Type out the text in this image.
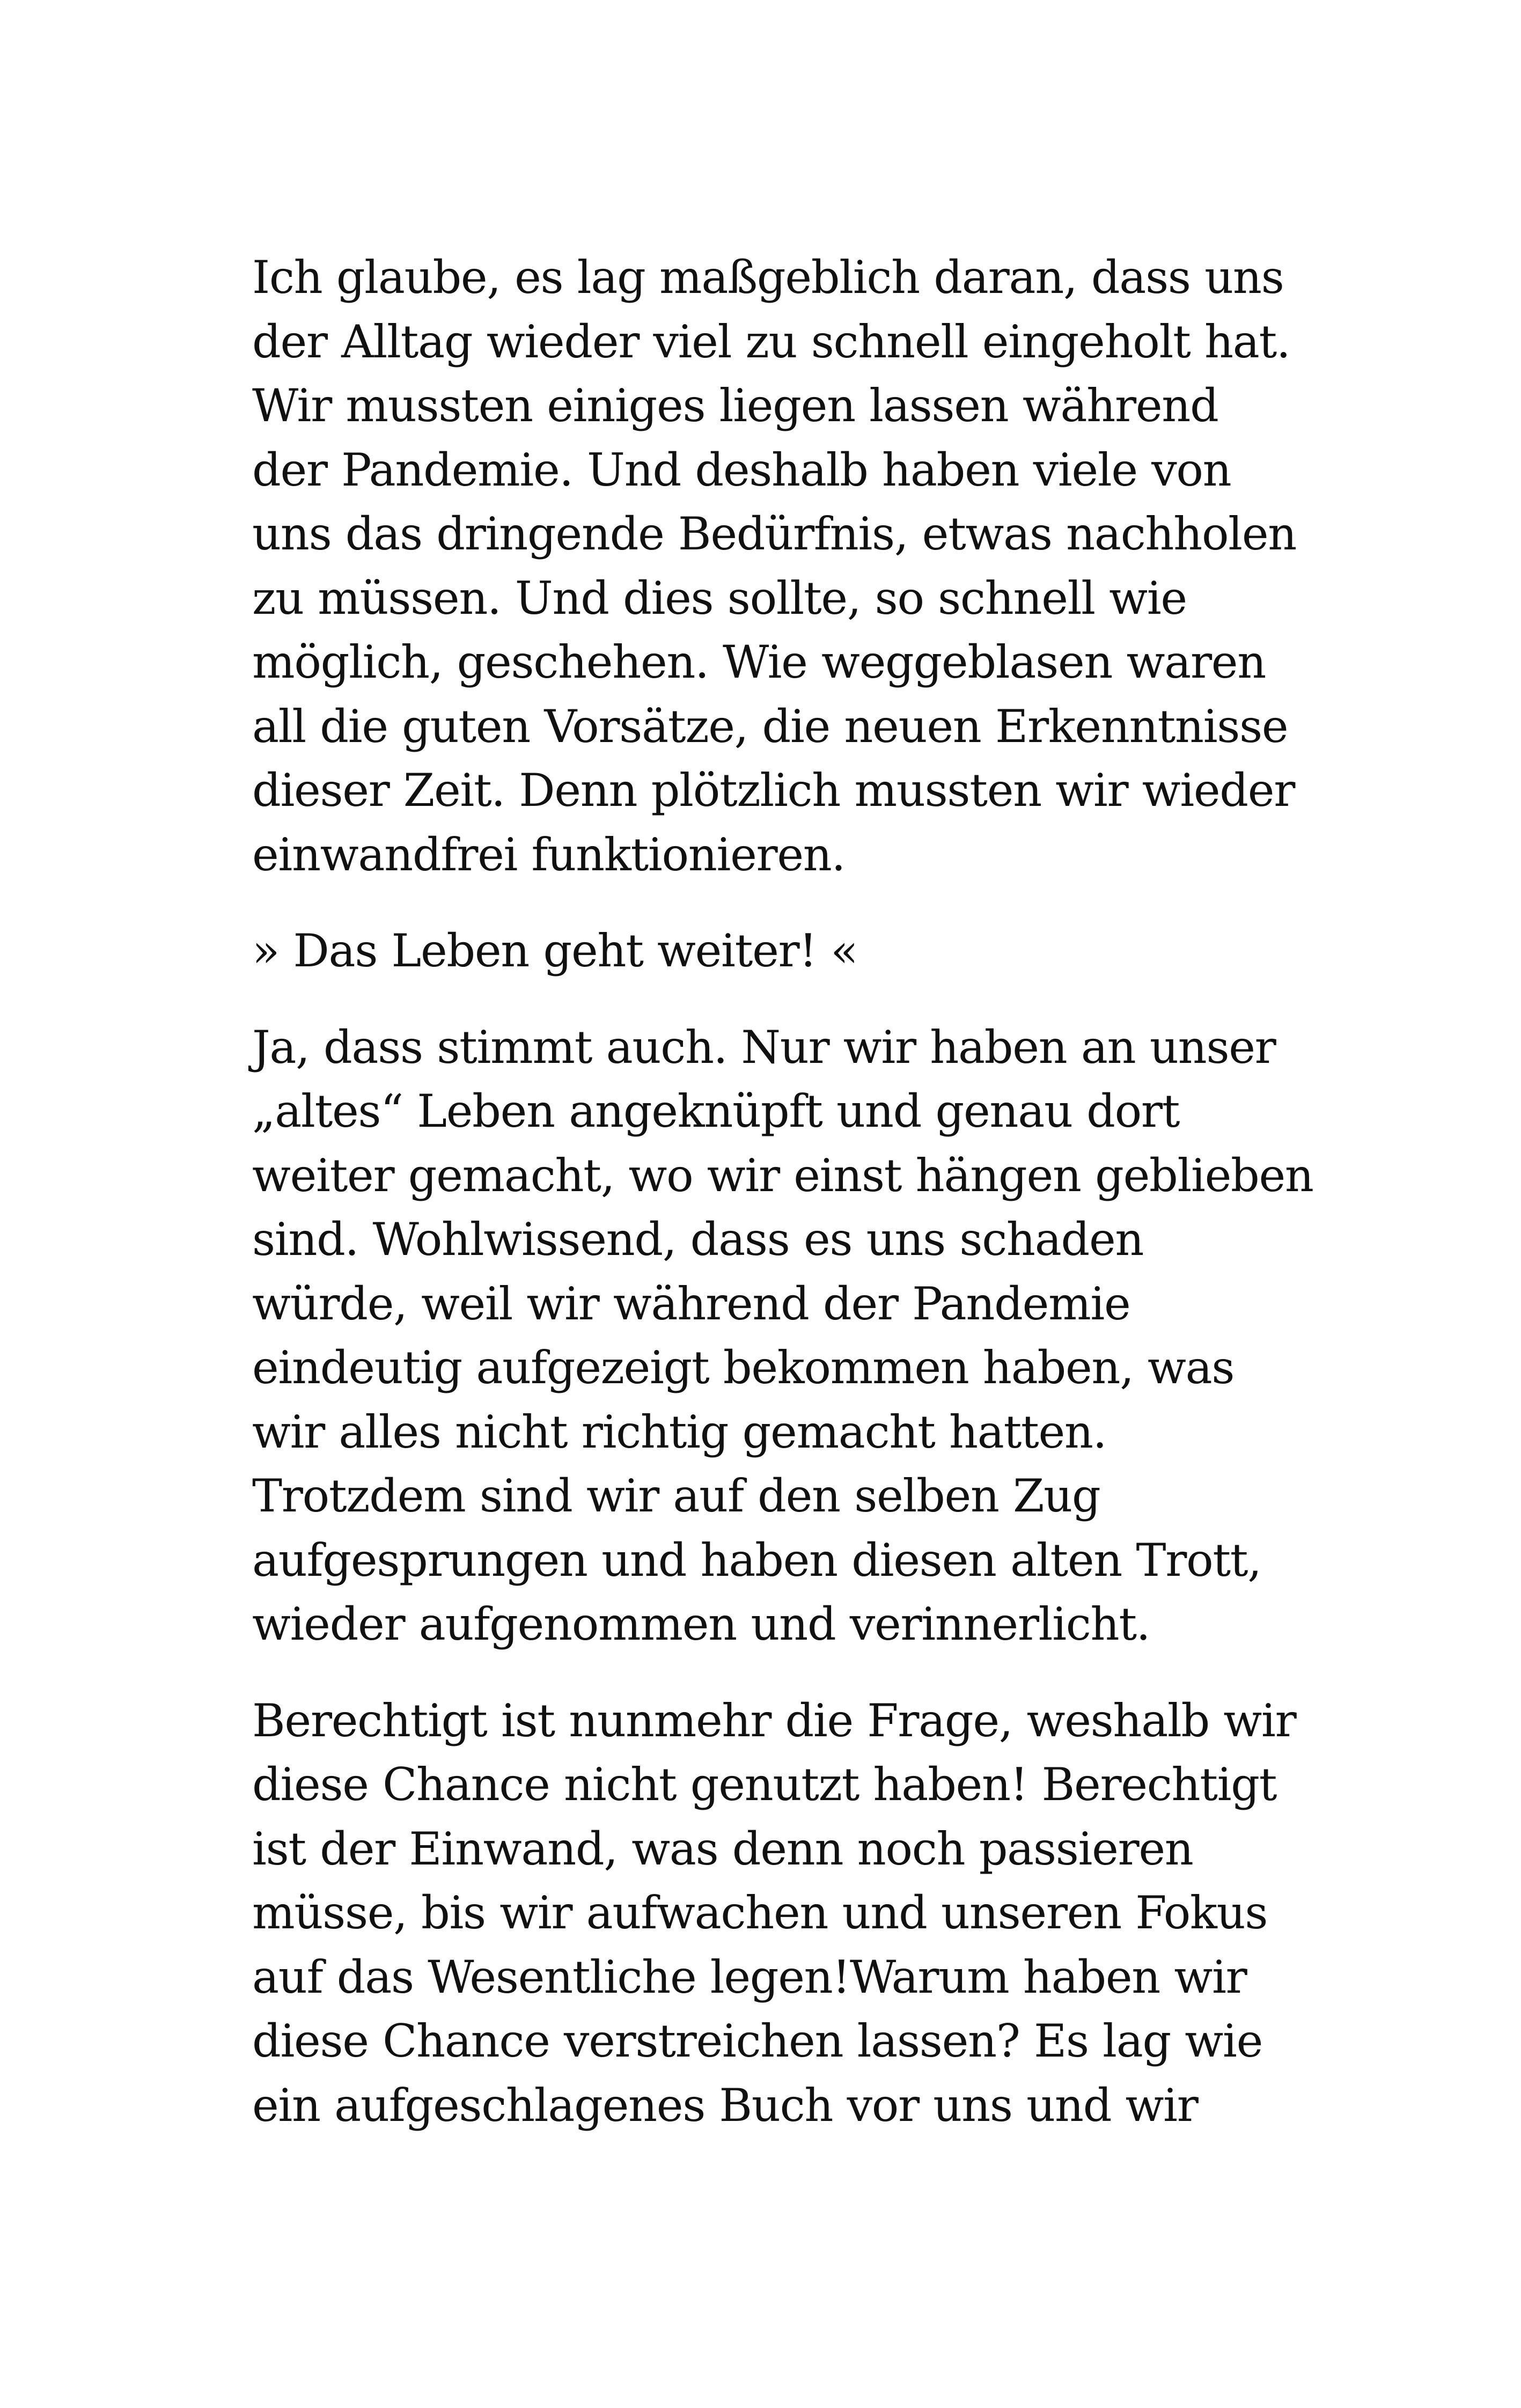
Ich glaube, es lag maßgeblich daran, dass uns
der Alltag wieder viel zu schnell eingeholt hat.
Wir mussten einiges liegen lassen während
der Pandemie. Und deshalb haben viele von
uns das dringende Bedürfnis, etwas nachholen
zu müssen. Und dies sollte, so schnell wie
möglich, geschehen. Wie weggeblasen waren
all die guten Vorsätze, die neuen Erkenntnisse
dieser Zeit. Denn plötzlich mussten wir wieder
einwandfrei funktionieren.

» Das Leben geht weiter! «

Ja, dass stimmt auch. Nur wir haben an unser
„altes“ Leben angeknüpft und genau dort
weiter gemacht, wo wir einst hängen geblieben
sind. Wohlwissend, dass es uns schaden
würde, weil wir während der Pandemie
eindeutig aufgezeigt bekommen haben, was
wir alles nicht richtig gemacht hatten.
Trotzdem sind wir auf den selben Zug
aufgesprungen und haben diesen alten Trott,
wieder aufgenommen und verinnerlicht.

Berechtigt ist nunmehr die Frage, weshalb wir
diese Chance nicht genutzt haben! Berechtigt
ist der Einwand, was denn noch passieren
müsse, bis wir aufwachen und unseren Fokus
auf das Wesentliche legen!Warum haben wir
diese Chance verstreichen lassen? Es lag wie
ein aufgeschlagenes Buch vor uns und wir
